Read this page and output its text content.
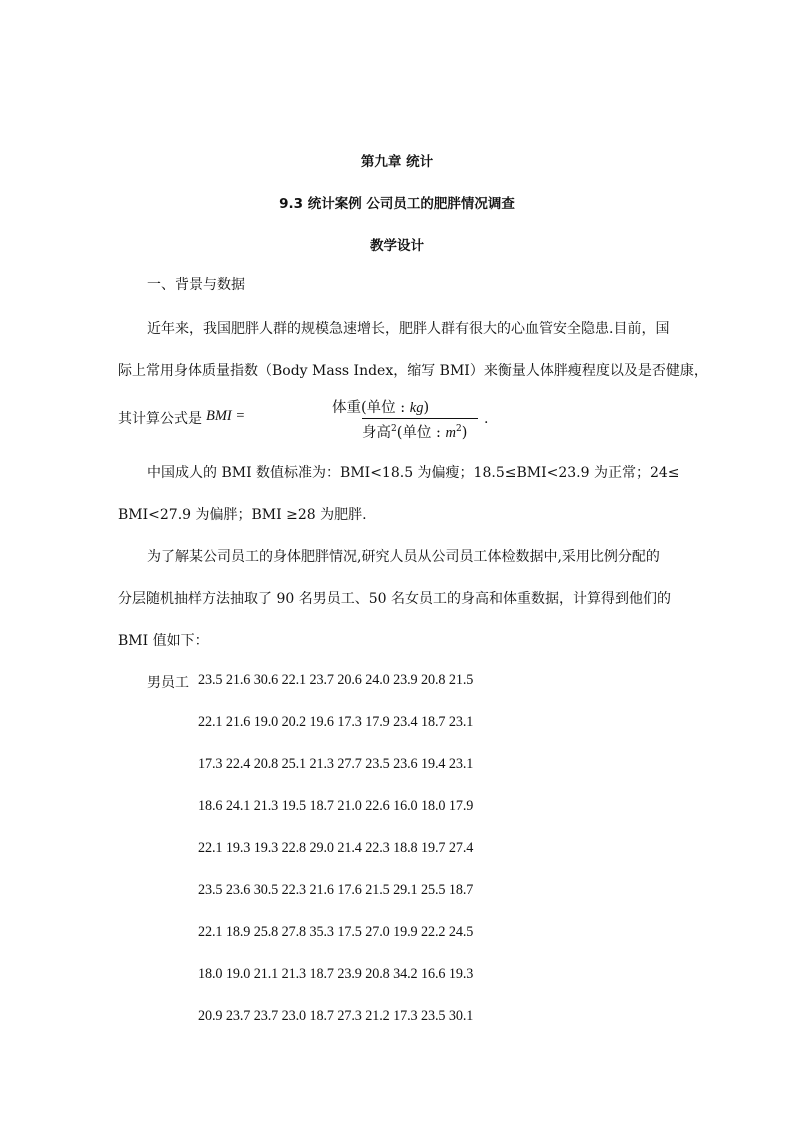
第九章 统计
9.3 统计案例 公司员工的肥胖情况调查
教学设计
一、背景与数据
近年来，我国肥胖人群的规模急速增长，肥胖人群有很大的心血管安全隐患.目前，国
际上常用身体质量指数（Body Mass Index，缩写 BMI）来衡量人体胖瘦程度以及是否健康，
其计算公式是 BMI =	体重(单位 : kg)
身高$^2$(单位 : $m^2$)
.
中国成人的 BMI 数值标准为：BMI<18.5 为偏瘦；18.5≤BMI<23.9 为正常；24≤
BMI<27.9 为偏胖；BMI ≥28 为肥胖.
为了解某公司员工的身体肥胖情况,研究人员从公司员工体检数据中,采用比例分配的
分层随机抽样方法抽取了 90 名男员工、50 名女员工的身高和体重数据，计算得到他们的
BMI 值如下：
男员工 23.5 21.6 30.6 22.1 23.7 20.6 24.0 23.9 20.8 21.5
22.1 21.6 19.0 20.2 19.6 17.3 17.9 23.4 18.7 23.1
17.3 22.4 20.8 25.1 21.3 27.7 23.5 23.6 19.4 23.1
18.6 24.1 21.3 19.5 18.7 21.0 22.6 16.0 18.0 17.9
22.1 19.3 19.3 22.8 29.0 21.4 22.3 18.8 19.7 27.4
23.5 23.6 30.5 22.3 21.6 17.6 21.5 29.1 25.5 18.7
22.1 18.9 25.8 27.8 35.3 17.5 27.0 19.9 22.2 24.5
18.0 19.0 21.1 21.3 18.7 23.9 20.8 34.2 16.6 19.3
20.9 23.7 23.7 23.0 18.7 27.3 21.2 17.3 23.5 30.1
